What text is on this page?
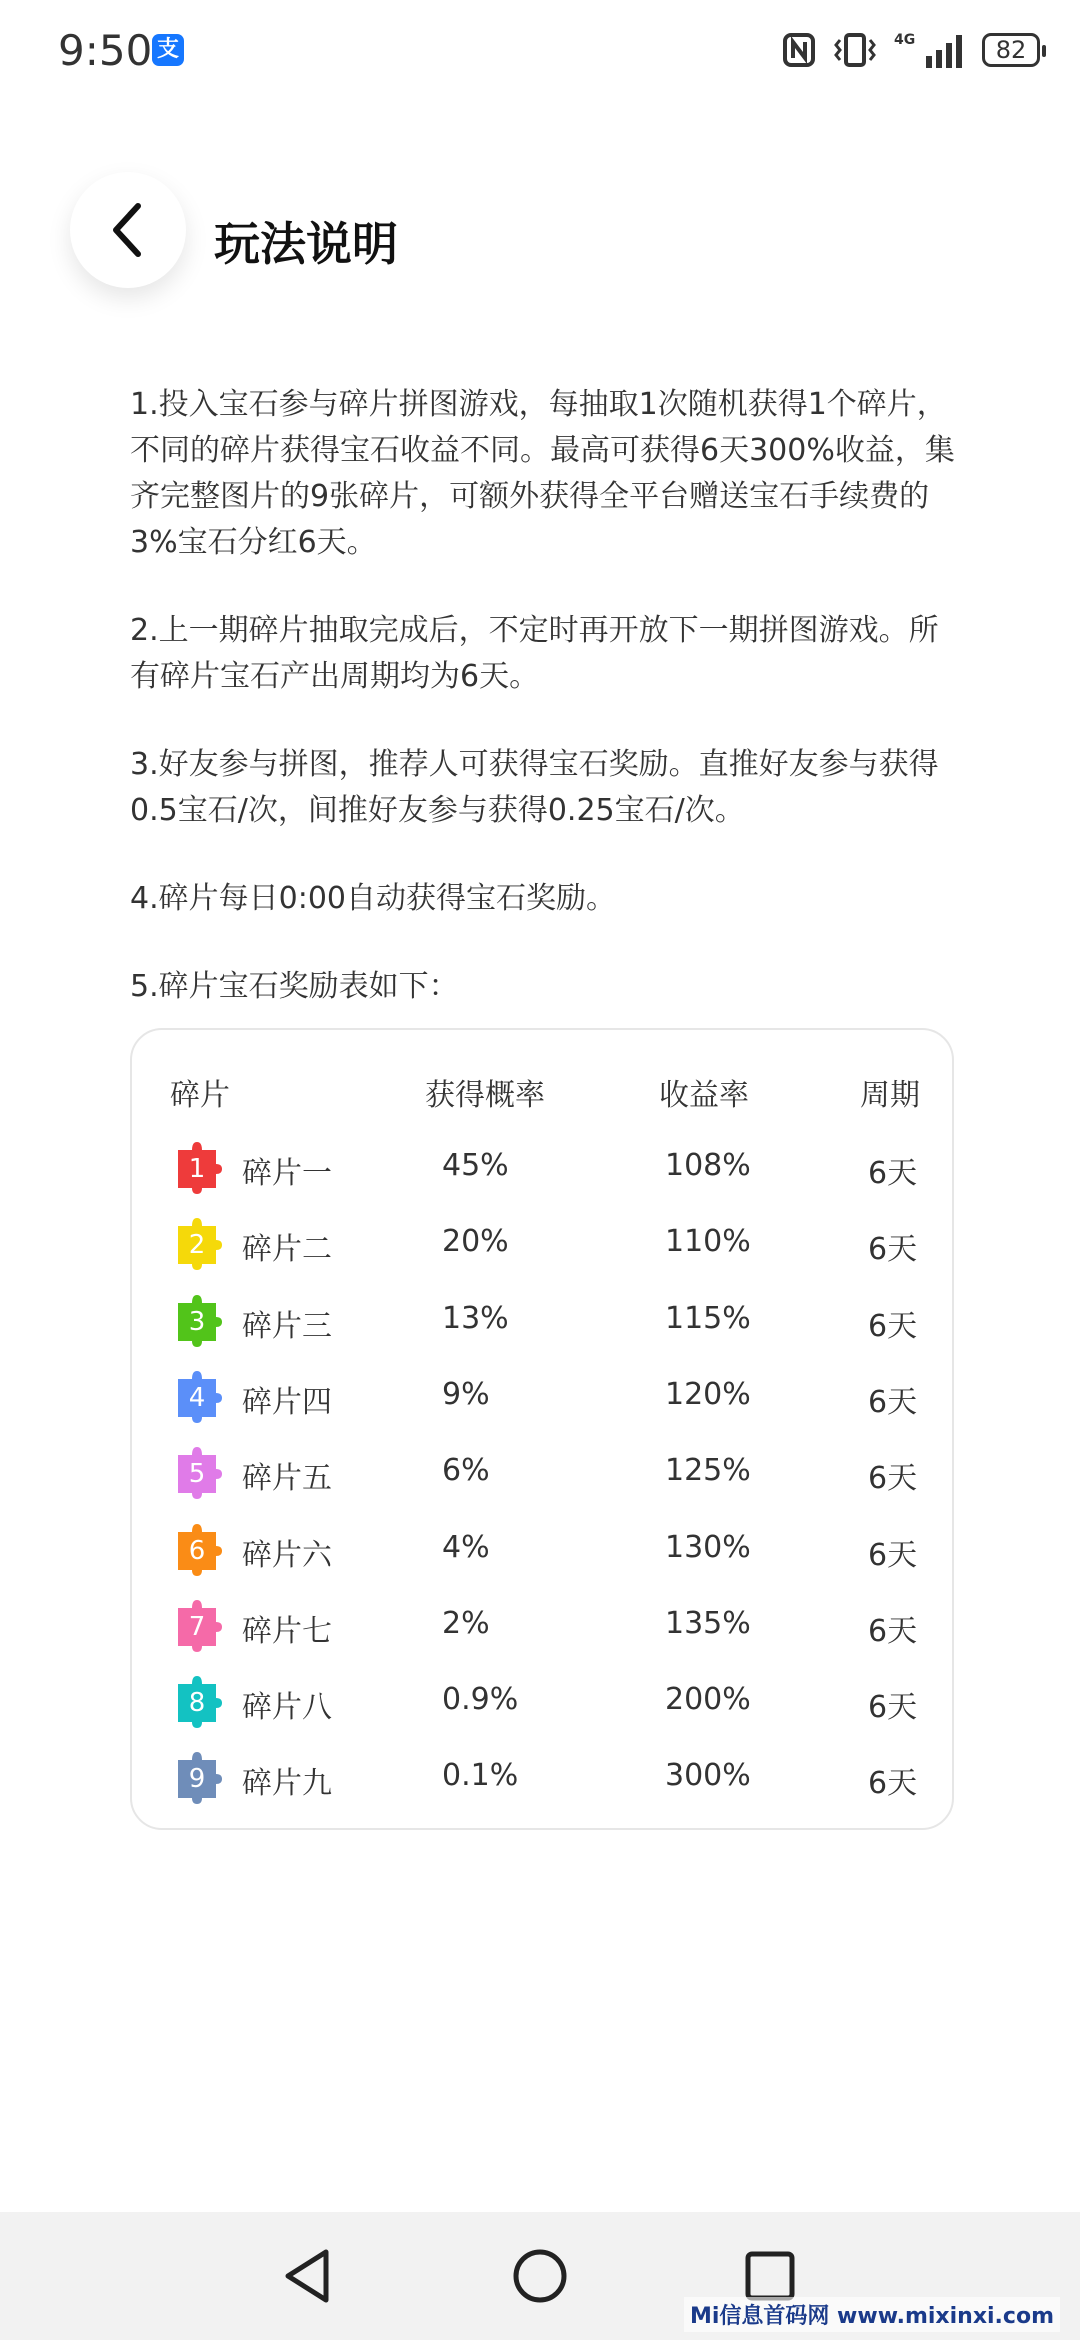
9:50 支	4G	82
玩法说明

1.投入宝石参与碎片拼图游戏，每抽取1次随机获得1个碎片，不同的碎片获得宝石收益不同。最高可获得6天300%收益，集齐完整图片的9张碎片，可额外获得全平台赠送宝石手续费的3%宝石分红6天。

2.上一期碎片抽取完成后，不定时再开放下一期拼图游戏。所有碎片宝石产出周期均为6天。

3.好友参与拼图，推荐人可获得宝石奖励。直推好友参与获得0.5宝石/次，间推好友参与获得0.25宝石/次。

4.碎片每日0:00自动获得宝石奖励。

5.碎片宝石奖励表如下：

碎片	获得概率	收益率	周期
1 碎片一	45%	108%	6天
2 碎片二	20%	110%	6天
3 碎片三	13%	115%	6天
4 碎片四	9%	120%	6天
5 碎片五	6%	125%	6天
6 碎片六	4%	130%	6天
7 碎片七	2%	135%	6天
8 碎片八	0.9%	200%	6天
9 碎片九	0.1%	300%	6天
Mi信息首码网 www.mixinxi.com
